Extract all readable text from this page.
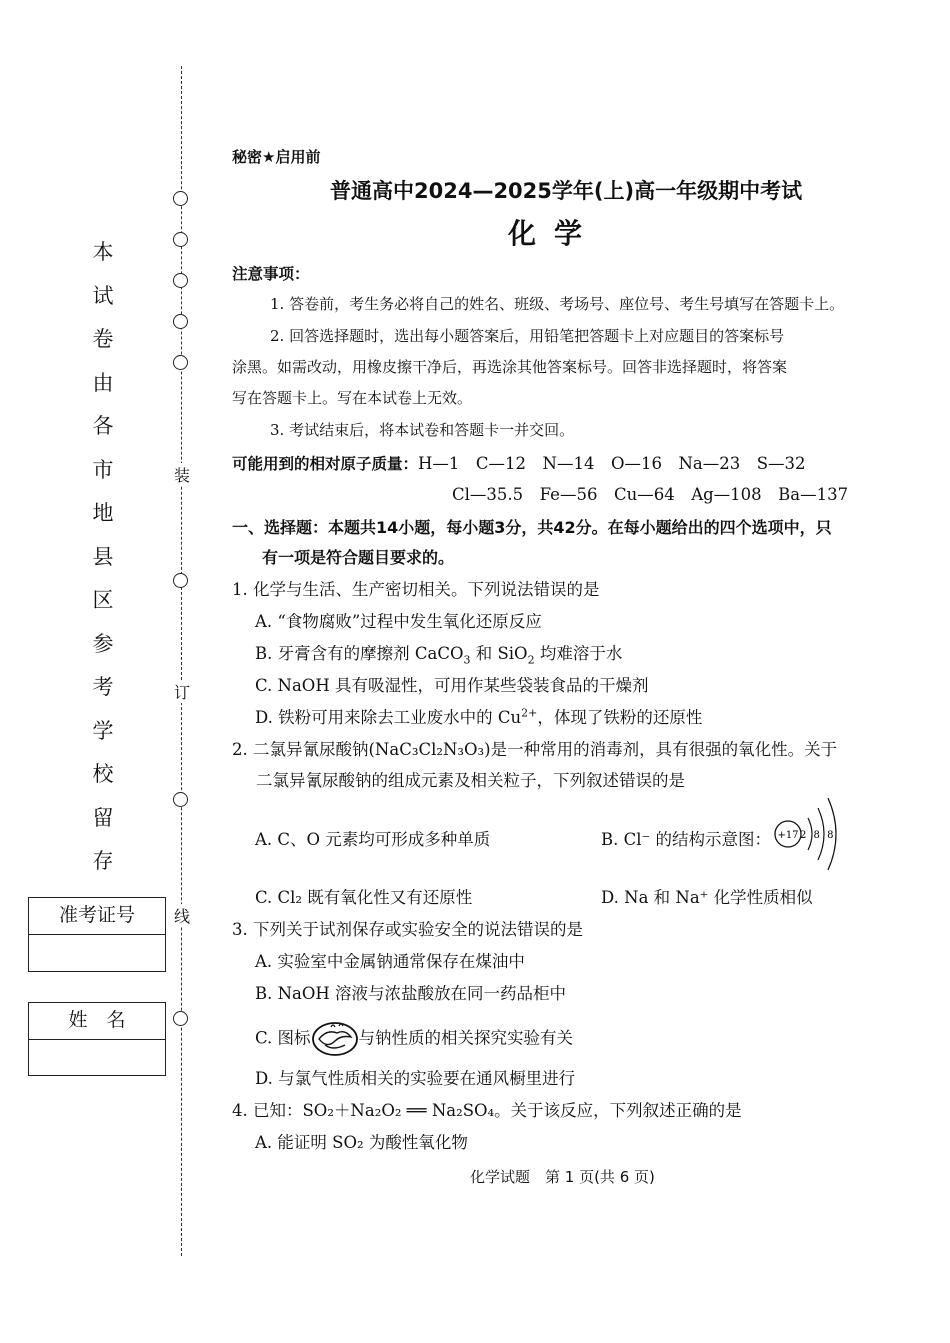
装
订
线
本
试
卷
由
各
市
地
县
区
参
考
学
校
留
存
准考证号
姓　名
秘密★启用前
普通高中2024—2025学年(上)高一年级期中考试
化学
注意事项：
1. 答卷前，考生务必将自己的姓名、班级、考场号、座位号、考生号填写在答题卡上。
2. 回答选择题时，选出每小题答案后，用铅笔把答题卡上对应题目的答案标号
涂黑。如需改动，用橡皮擦干净后，再选涂其他答案标号。回答非选择题时，将答案
写在答题卡上。写在本试卷上无效。
3. 考试结束后，将本试卷和答题卡一并交回。
可能用到的相对原子质量：H—1　C—12　N—14　O—16　Na—23　S—32
Cl—35.5　Fe—56　Cu—64　Ag—108　Ba—137
一、选择题：本题共14小题，每小题3分，共42分。在每小题给出的四个选项中，只
有一项是符合题目要求的。
1. 化学与生活、生产密切相关。下列说法错误的是
A. “食物腐败”过程中发生氧化还原反应
B. 牙膏含有的摩擦剂 CaCO$_3$ 和 SiO$_2$ 均难溶于水
C. NaOH 具有吸湿性，可用作某些袋装食品的干燥剂
D. 铁粉可用来除去工业废水中的 $Cu^{2+}$，体现了铁粉的还原性
2. 二氯异氰尿酸钠(NaC₃Cl₂N₃O₃)是一种常用的消毒剂，具有很强的氧化性。关于
二氯异氰尿酸钠的组成元素及相关粒子，下列叙述错误的是
A. C、O 元素均可形成多种单质	B. Cl⁻ 的结构示意图： +17 2 8 8
C. Cl₂ 既有氧化性又有还原性	D. Na 和 Na⁺ 化学性质相似
3. 下列关于试剂保存或实验安全的说法错误的是
A. 实验室中金属钠通常保存在煤油中
B. NaOH 溶液与浓盐酸放在同一药品柜中
C. 图标	与钠性质的相关探究实验有关
D. 与氯气性质相关的实验要在通风橱里进行
4. 已知：SO₂＋Na₂O₂ ══ Na₂SO₄。关于该反应，下列叙述正确的是
A. 能证明 SO₂ 为酸性氧化物
化学试题　第 1 页(共 6 页)
